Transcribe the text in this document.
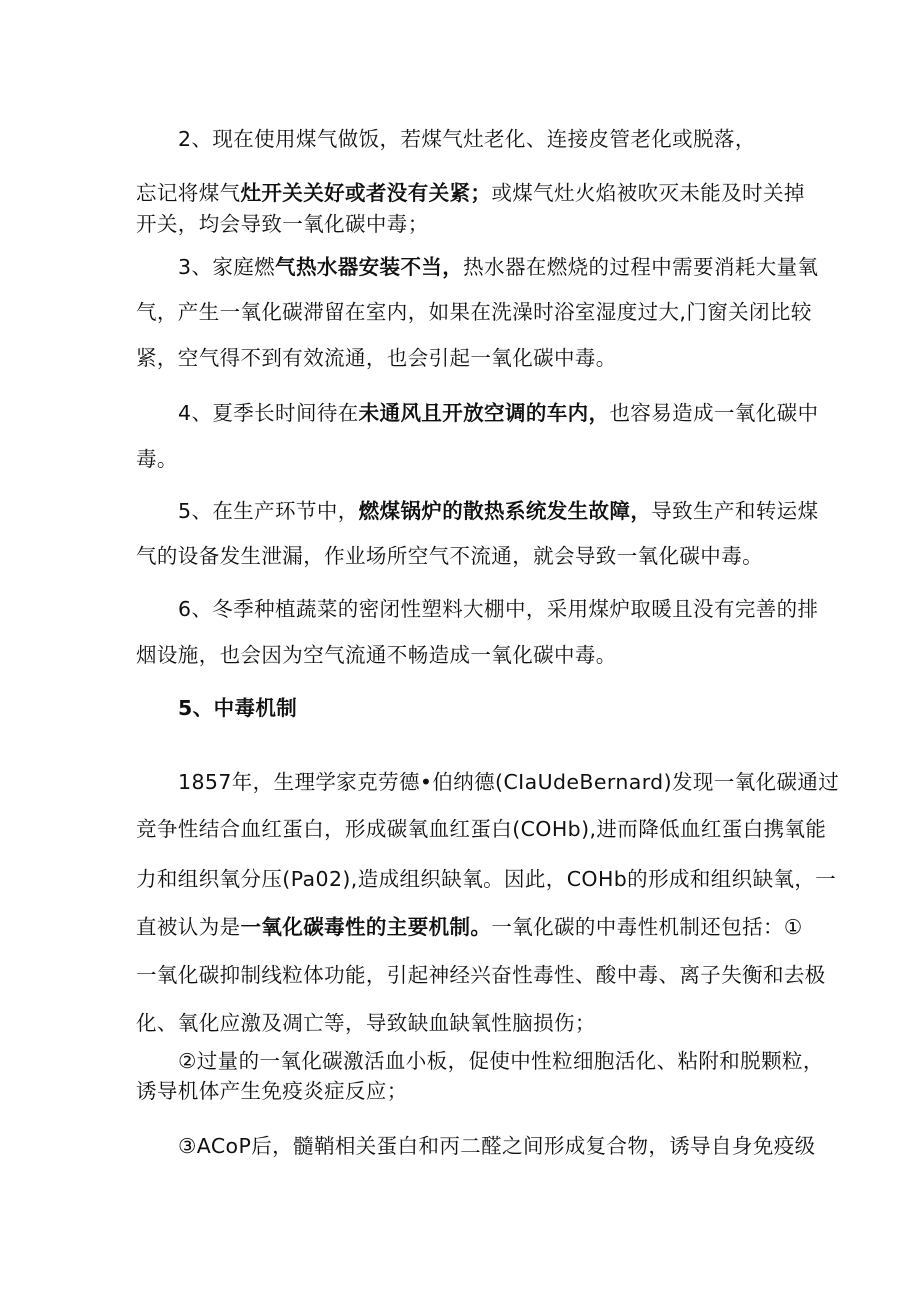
2、现在使用煤气做饭，若煤气灶老化、连接皮管老化或脱落，
忘记将煤气灶开关关好或者没有关紧；或煤气灶火焰被吹灭未能及时关掉
开关，均会导致一氧化碳中毒；
3、家庭燃气热水器安装不当，热水器在燃烧的过程中需要消耗大量氧
气，产生一氧化碳滞留在室内，如果在洗澡时浴室湿度过大,门窗关闭比较
紧，空气得不到有效流通，也会引起一氧化碳中毒。
4、夏季长时间待在未通风且开放空调的车内，也容易造成一氧化碳中
毒。
5、在生产环节中，燃煤锅炉的散热系统发生故障，导致生产和转运煤
气的设备发生泄漏，作业场所空气不流通，就会导致一氧化碳中毒。
6、冬季种植蔬菜的密闭性塑料大棚中，采用煤炉取暖且没有完善的排
烟设施，也会因为空气流通不畅造成一氧化碳中毒。
5、中毒机制
1857年，生理学家克劳德•伯纳德(CIaUdeBernard)发现一氧化碳通过
竞争性结合血红蛋白，形成碳氧血红蛋白(COHb),进而降低血红蛋白携氧能
力和组织氧分压(Pa02),造成组织缺氧。因此，COHb的形成和组织缺氧，一
直被认为是一氧化碳毒性的主要机制。一氧化碳的中毒性机制还包括：①
一氧化碳抑制线粒体功能，引起神经兴奋性毒性、酸中毒、离子失衡和去极
化、氧化应激及凋亡等，导致缺血缺氧性脑损伤；
②过量的一氧化碳激活血小板，促使中性粒细胞活化、粘附和脱颗粒，
诱导机体产生免疫炎症反应；
③ACoP后，髓鞘相关蛋白和丙二醛之间形成复合物，诱导自身免疫级
